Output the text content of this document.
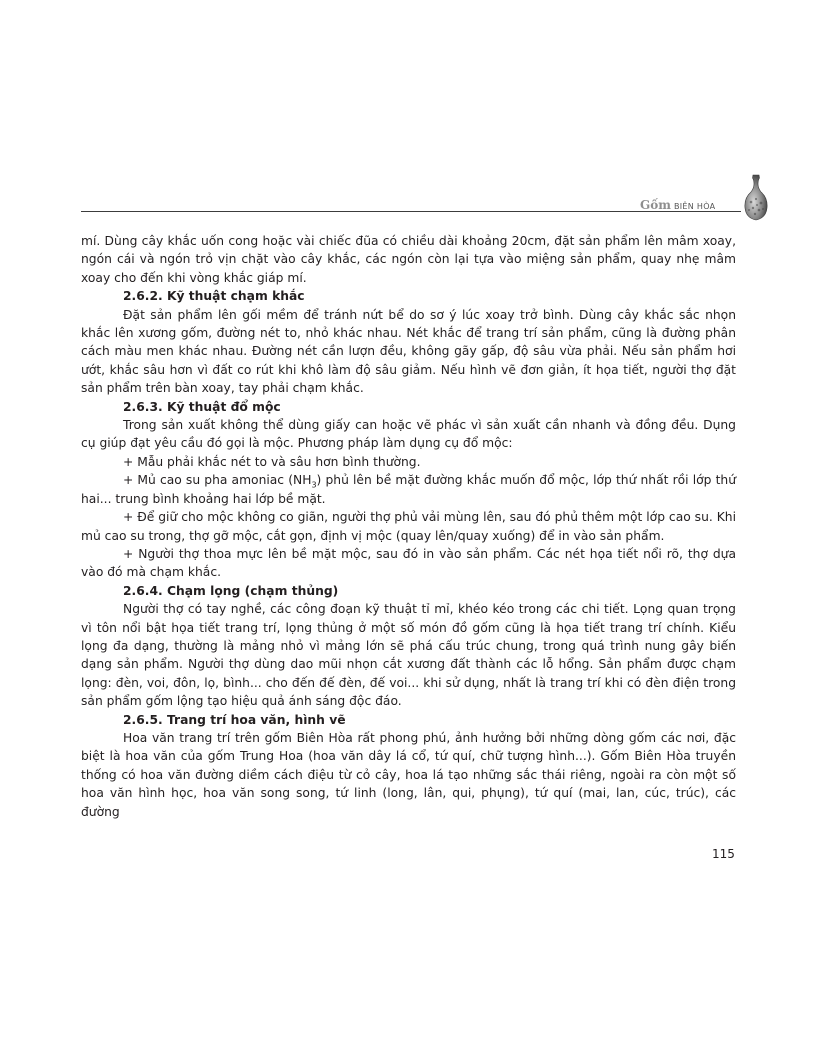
Gốm BIÊN HÒA

mí. Dùng cây khắc uốn cong hoặc vài chiếc đũa có chiều dài khoảng 20cm, đặt sản phẩm lên mâm xoay, ngón cái và ngón trỏ vịn chặt vào cây khắc, các ngón còn lại tựa vào miệng sản phẩm, quay nhẹ mâm xoay cho đến khi vòng khắc giáp mí.

2.6.2. Kỹ thuật chạm khắc

Đặt sản phẩm lên gối mềm để tránh nứt bể do sơ ý lúc xoay trở bình. Dùng cây khắc sắc nhọn khắc lên xương gốm, đường nét to, nhỏ khác nhau. Nét khắc để trang trí sản phẩm, cũng là đường phân cách màu men khác nhau. Đường nét cần lượn đều, không gãy gấp, độ sâu vừa phải. Nếu sản phẩm hơi ướt, khắc sâu hơn vì đất co rút khi khô làm độ sâu giảm. Nếu hình vẽ đơn giản, ít họa tiết, người thợ đặt sản phẩm trên bàn xoay, tay phải chạm khắc.

2.6.3. Kỹ thuật đổ mộc

Trong sản xuất không thể dùng giấy can hoặc vẽ phác vì sản xuất cần nhanh và đồng đều. Dụng cụ giúp đạt yêu cầu đó gọi là mộc. Phương pháp làm dụng cụ đổ mộc:

+ Mẫu phải khắc nét to và sâu hơn bình thường.

+ Mủ cao su pha amoniac $(NH_3)$ phủ lên bề mặt đường khắc muốn đổ mộc, lớp thứ nhất rồi lớp thứ hai... trung bình khoảng hai lớp bề mặt.

+ Để giữ cho mộc không co giãn, người thợ phủ vải mùng lên, sau đó phủ thêm một lớp cao su. Khi mủ cao su trong, thợ gỡ mộc, cắt gọn, định vị mộc (quay lên/quay xuống) để in vào sản phẩm.

+ Người thợ thoa mực lên bề mặt mộc, sau đó in vào sản phẩm. Các nét họa tiết nổi rõ, thợ dựa vào đó mà chạm khắc.

2.6.4. Chạm lọng (chạm thủng)

Người thợ có tay nghề, các công đoạn kỹ thuật tỉ mỉ, khéo kéo trong các chi tiết. Lọng quan trọng vì tôn nổi bật họa tiết trang trí, lọng thủng ở một số món đồ gốm cũng là họa tiết trang trí chính. Kiểu lọng đa dạng, thường là mảng nhỏ vì mảng lớn sẽ phá cấu trúc chung, trong quá trình nung gây biến dạng sản phẩm. Người thợ dùng dao mũi nhọn cắt xương đất thành các lỗ hổng. Sản phẩm được chạm lọng: đèn, voi, đôn, lọ, bình... cho đến đế đèn, đế voi... khi sử dụng, nhất là trang trí khi có đèn điện trong sản phẩm gốm lộng tạo hiệu quả ánh sáng độc đáo.

2.6.5. Trang trí hoa văn, hình vẽ

Hoa văn trang trí trên gốm Biên Hòa rất phong phú, ảnh hưởng bởi những dòng gốm các nơi, đặc biệt là hoa văn của gốm Trung Hoa (hoa văn dây lá cổ, tứ quí, chữ tượng hình...). Gốm Biên Hòa truyền thống có hoa văn đường diềm cách điệu từ cỏ cây, hoa lá tạo những sắc thái riêng, ngoài ra còn một số hoa văn hình học, hoa văn song song, tứ linh (long, lân, qui, phụng), tứ quí (mai, lan, cúc, trúc), các đường

115
